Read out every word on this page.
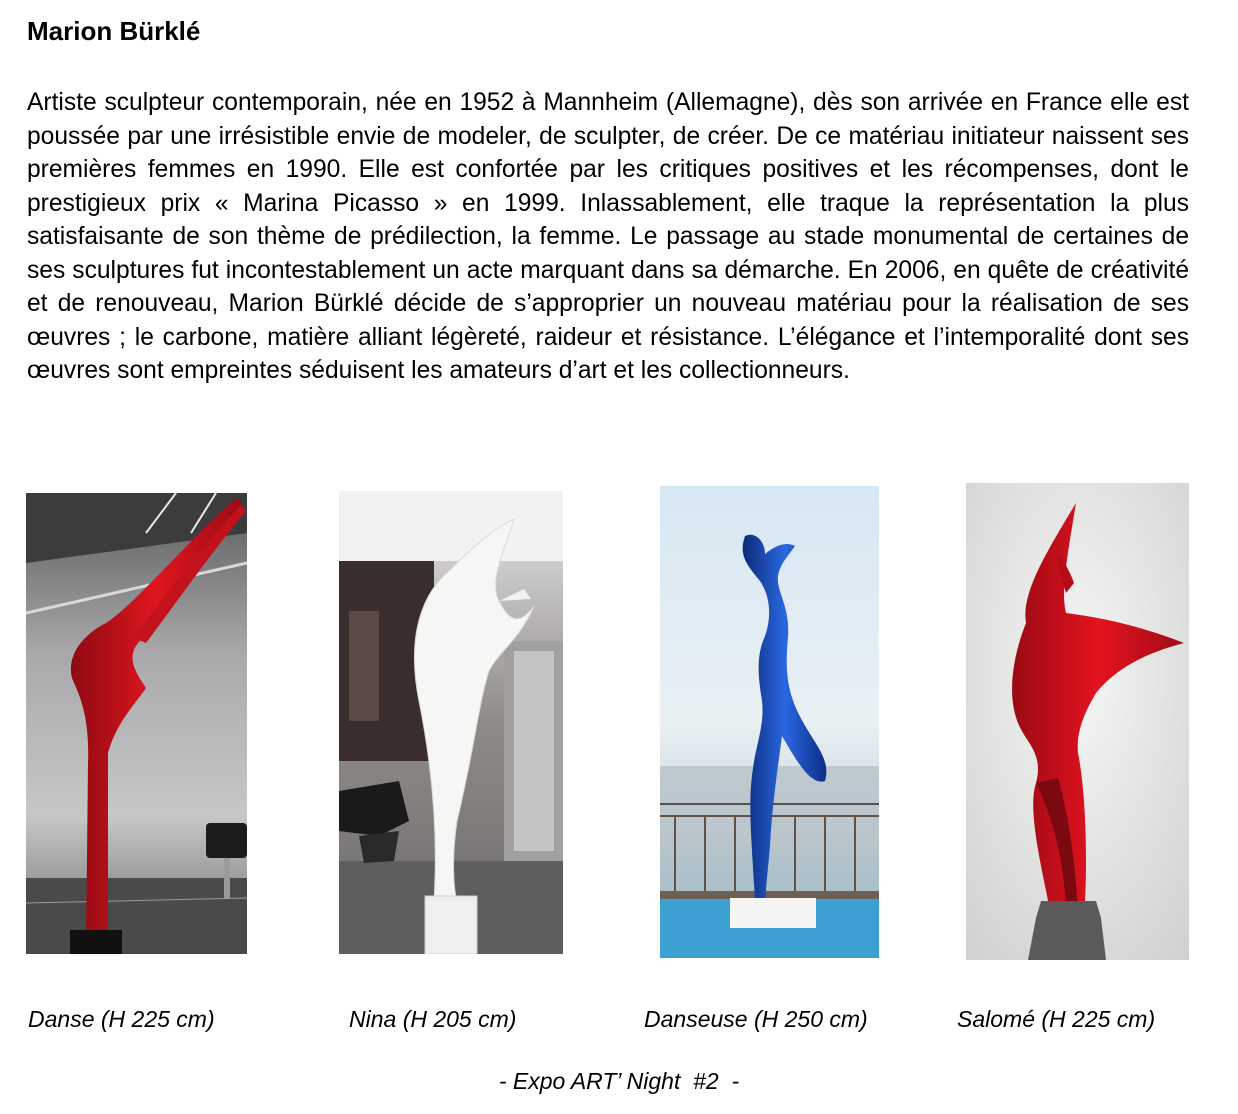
Marion Bürklé

Artiste sculpteur contemporain, née en 1952 à Mannheim (Allemagne), dès son arrivée en France elle est poussée par une irrésistible envie de modeler, de sculpter, de créer. De ce matériau initiateur naissent ses premières femmes en 1990. Elle est confortée par les critiques positives et les récompenses, dont le prestigieux prix « Marina Picasso » en 1999. Inlassablement, elle traque la représentation la plus satisfaisante de son thème de prédilection, la femme. Le passage au stade monumental de certaines de ses sculptures fut incontestablement un acte marquant dans sa démarche. En 2006, en quête de créativité et de renouveau, Marion Bürklé décide de s’approprier un nouveau matériau pour la réalisation de ses œuvres ; le carbone, matière alliant légèreté, raideur et résistance. L’élégance et l’intemporalité dont ses œuvres sont empreintes séduisent les amateurs d’art et les collectionneurs.

Danse (H 225 cm)	Nina (H 205 cm)	Danseuse (H 250 cm)	Salomé (H 225 cm)
- Expo ART’ Night  #2  -
